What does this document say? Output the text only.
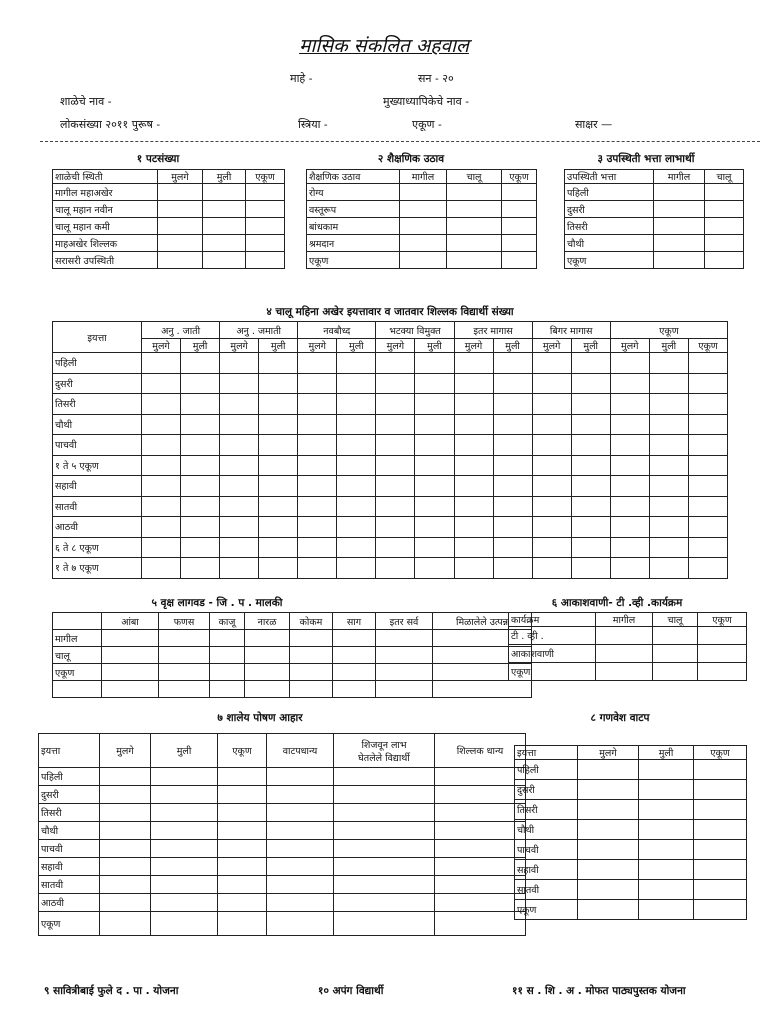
मासिक संकलित अहवाल
माहे -	सन - २०
शाळेचे नाव -	मुख्याध्यापिकेचे नाव -
लोकसंख्या २०११ पुरूष -	स्त्रिया -	एकूण -	साक्षर —
१ पटसंख्या
शाळेची स्थिती	मुलगे	मुली	एकूण
मागील महाअखेर			
चालू महान नवीन			
चालू महान कमी			
माहअखेर शिल्लक			
सरासरी उपस्थिती			
२ शैक्षणिक उठाव
शैक्षणिक उठाव	मागील	चालू	एकूण
रोग्य			
वस्तूरूप			
बांधकाम			
श्रमदान			
एकूण			
३ उपस्थिती भत्ता लाभार्थी
उपस्थिती भत्ता	मागील	चालू
पहिली		
दुसरी		
तिसरी		
चौथी		
एकूण		
४ चालू महिना अखेर इयत्तावार व जातवार शिल्लक विद्यार्थी संख्या
इयत्ता	अनु . जाती		अनु . जमाती		नवबौध्द		भटक्या विमुक्त		इतर मागास		बिगर मागास		एकूण		
	मुलगे	मुली	मुलगे	मुली	मुलगे	मुली	मुलगे	मुली	मुलगे	मुली	मुलगे	मुली	मुलगे	मुली	एकूण
पहिली															
दुसरी															
तिसरी															
चौथी															
पाचवी															
१ ते ५ एकूण															
सहावी															
सातवी															
आठवी															
६ ते ८ एकूण															
१ ते ७ एकूण															
५ वृक्ष लागवड - जि . प . मालकी
	आंबा	फणस	काजू	नारळ	कोकम	साग	इतर सर्व	मिळालेले उत्पन्न
मागील								
चालू								
एकूण								

६ आकाशवाणी- टी .व्ही .कार्यक्रम
कार्यक्रम	मागील	चालू	एकूण
टी . व्ही .			
आकाशवाणी			
एकूण			
७ शालेय पोषण आहार
इयत्ता	मुलगे	मुली	एकूण	वाटपधान्य	शिजवून लाभ
घेतलेले विद्यार्थी	शिल्लक धान्य
पहिली						
दुसरी						
तिसरी						
चौथी						
पाचवी						
सहावी						
सातवी						
आठवी						
एकूण						
८ गणवेश वाटप
इयत्ता	मुलगे	मुली	एकूण
पहिली			
दुसरी			
तिसरी			
चौथी			
पाचवी			
सहावी			
सातवी			
एकूण			
९ सावित्रीबाई फुले द . पा . योजना	१० अपंग विद्यार्थी	११ स . शि . अ . मोफत पाठ्यपुस्तक योजना
